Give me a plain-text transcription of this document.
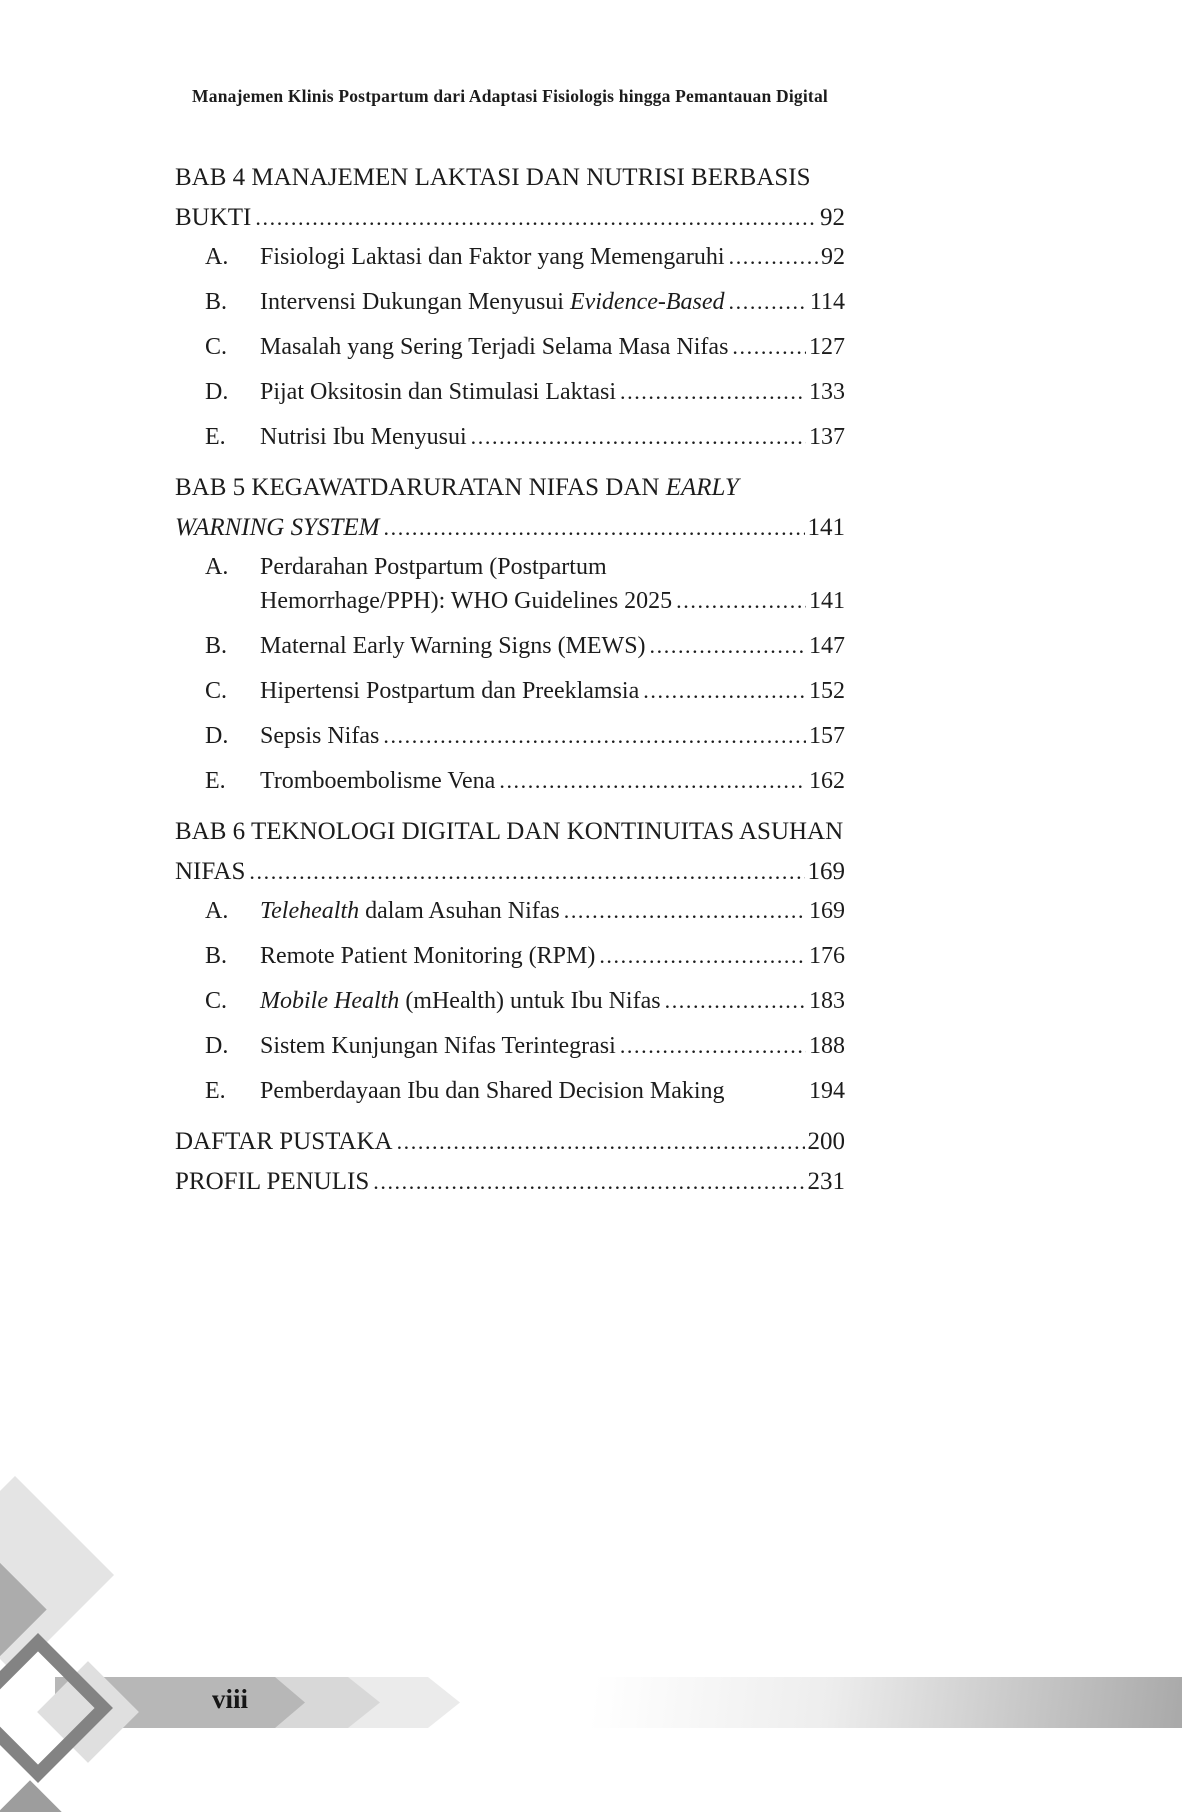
Manajemen Klinis Postpartum dari Adaptasi Fisiologis hingga Pemantauan Digital
BAB 4 MANAJEMEN LAKTASI DAN NUTRISI BERBASIS
BUKTI .....	92
A.	Fisiologi Laktasi dan Faktor yang Memengaruhi .....	92
B.	Intervensi Dukungan Menyusui Evidence-Based .....	114
C.	Masalah yang Sering Terjadi Selama Masa Nifas .....	127
D.	Pijat Oksitosin dan Stimulasi Laktasi .....	133
E.	Nutrisi Ibu Menyusui .....	137
BAB 5 KEGAWATDARURATAN NIFAS DAN EARLY
WARNING SYSTEM .....	141
A.	Perdarahan Postpartum (Postpartum
Hemorrhage/PPH): WHO Guidelines 2025 .....	141
B.	Maternal Early Warning Signs (MEWS) .....	147
C.	Hipertensi Postpartum dan Preeklamsia .....	152
D.	Sepsis Nifas .....	157
E.	Tromboembolisme Vena .....	162
BAB 6 TEKNOLOGI DIGITAL DAN KONTINUITAS ASUHAN
NIFAS .....	169
A.	Telehealth dalam Asuhan Nifas .....	169
B.	Remote Patient Monitoring (RPM) .....	176
C.	Mobile Health (mHealth) untuk Ibu Nifas .....	183
D.	Sistem Kunjungan Nifas Terintegrasi .....	188
E.	Pemberdayaan Ibu dan Shared Decision Making	194
DAFTAR PUSTAKA .....	200
PROFIL PENULIS .....	231
viii
